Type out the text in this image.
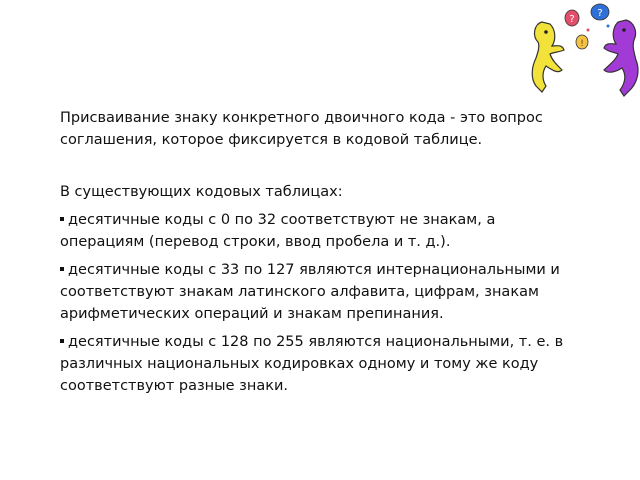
?
!
?

Присваивание знаку конкретного двоичного кода - это вопрос соглашения, которое фиксируется в кодовой таблице.

В существующих кодовых таблицах:

десятичные коды с 0 по 32 соответствуют не знакам, а операциям (перевод строки, ввод пробела и т. д.).

десятичные коды с 33 по 127 являются интернациональными и соответствуют знакам латинского алфавита, цифрам, знакам арифметических операций и знакам препинания.

десятичные коды с 128 по 255 являются национальными, т. е. в различных национальных кодировках одному и тому же коду соответствуют разные знаки.
